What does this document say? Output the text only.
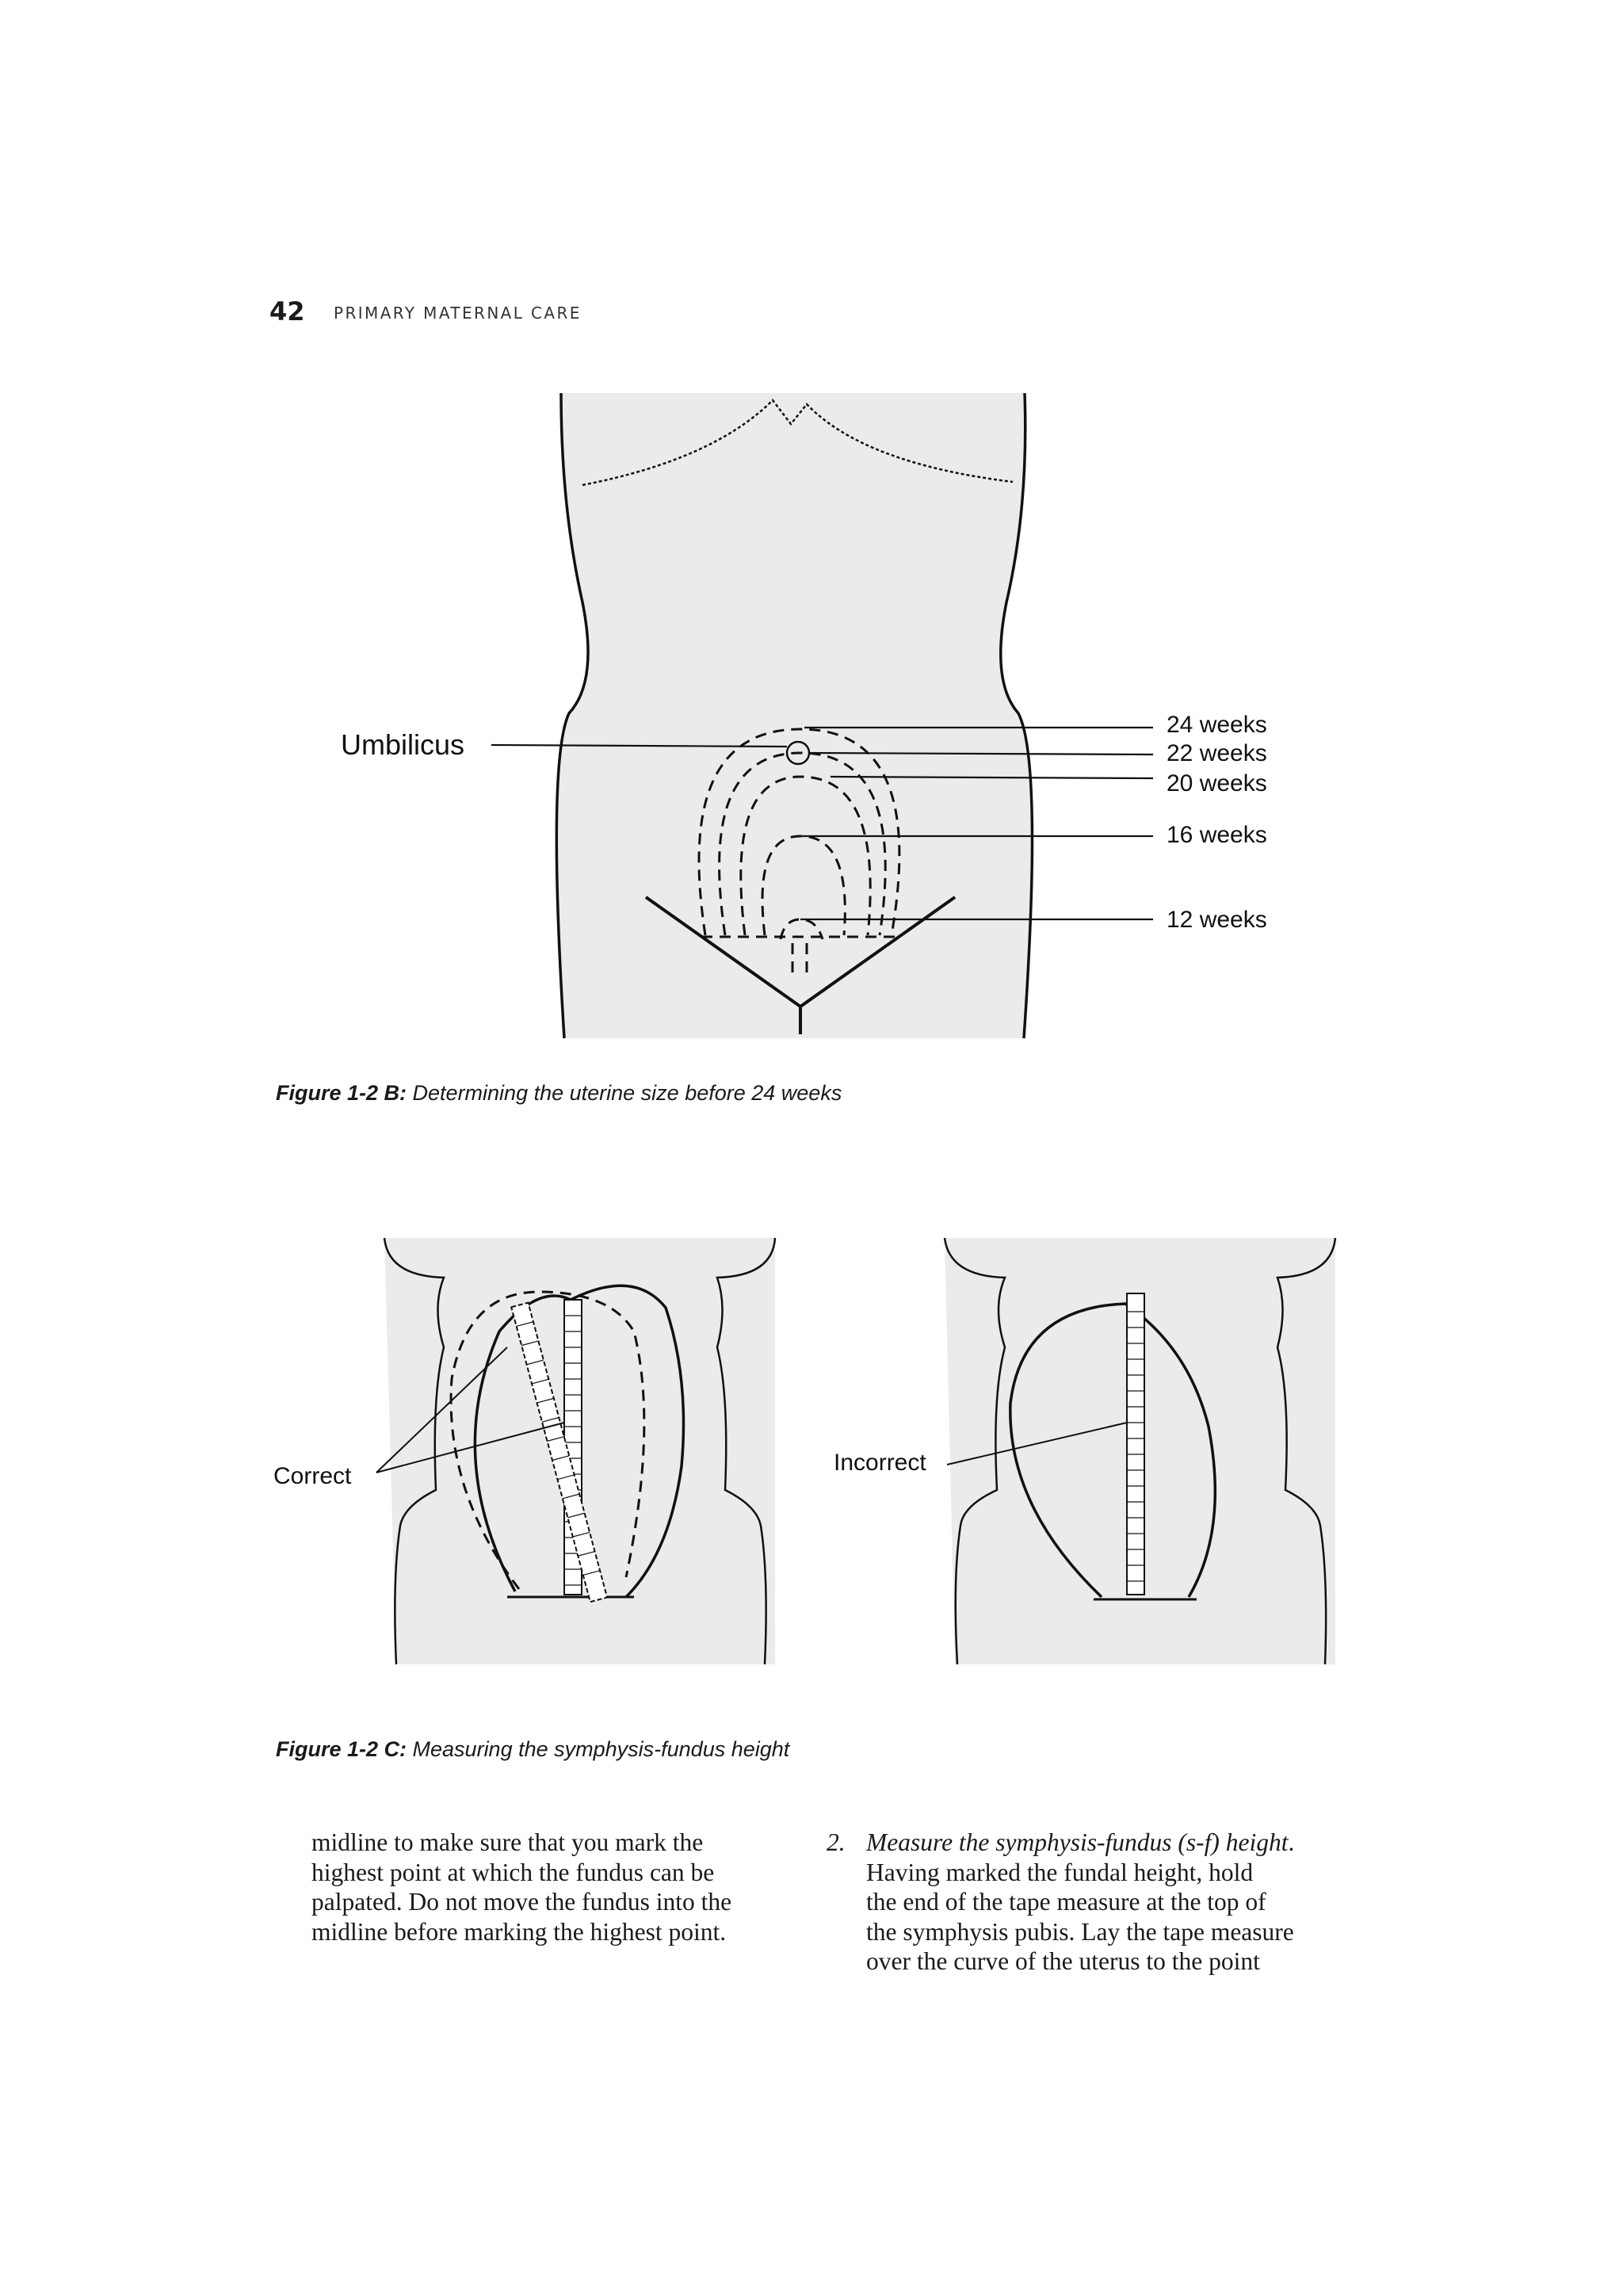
42 PRIMARY MATERNAL CARE
Umbilicus
24 weeks
22 weeks
20 weeks
16 weeks
12 weeks
Figure 1-2 B: Determining the uterine size before 24 weeks
Correct
Incorrect
Figure 1-2 C: Measuring the symphysis-fundus height

midline to make sure that you mark the

highest point at which the fundus can be

palpated. Do not move the fundus into the

midline before marking the highest point.

2. Measure the symphysis-fundus (s-f) height.

Having marked the fundal height, hold

the end of the tape measure at the top of

the symphysis pubis. Lay the tape measure

over the curve of the uterus to the point
